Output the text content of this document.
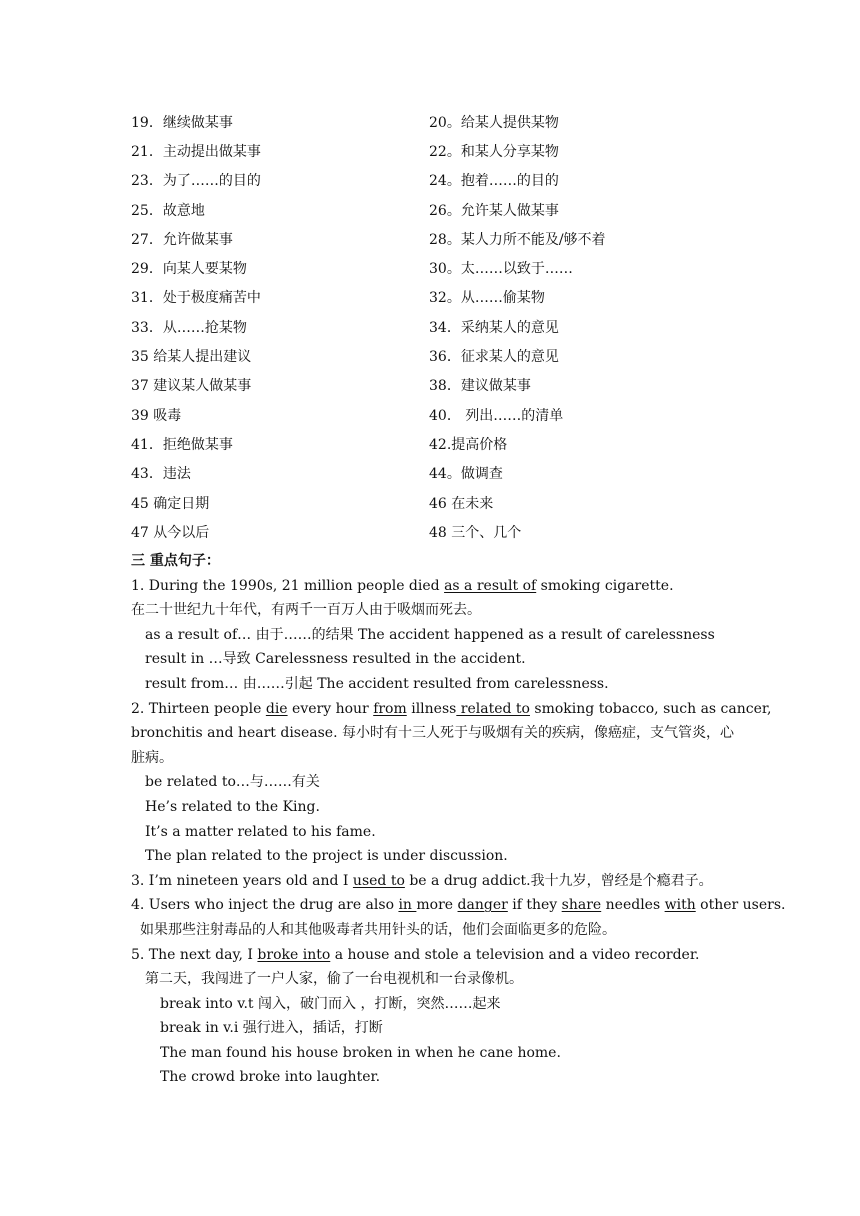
19．继续做某事	20。给某人提供某物
21．主动提出做某事	22。和某人分享某物
23．为了……的目的	24。抱着……的目的
25．故意地	26。允许某人做某事
27．允许做某事	28。某人力所不能及/够不着
29．向某人要某物	30。太……以致于……
31．处于极度痛苦中	32。从……偷某物
33．从……抢某物	34．采纳某人的意见
35 给某人提出建议	36．征求某人的意见
37 建议某人做某事	38．建议做某事
39 吸毒	40． 列出……的清单
41．拒绝做某事	42.提高价格
43．违法	44。做调查
45 确定日期	46 在未来
47 从今以后	48 三个、几个
三 重点句子：
1. During the 1990s, 21 million people died as a result of smoking cigarette.
在二十世纪九十年代，有两千一百万人由于吸烟而死去。
as a result of… 由于……的结果 The accident happened as a result of carelessness
result in …导致 Carelessness resulted in the accident.
result from… 由……引起 The accident resulted from carelessness.
2. Thirteen people die every hour from illness related to smoking tobacco, such as cancer,
bronchitis and heart disease. 每小时有十三人死于与吸烟有关的疾病，像癌症，支气管炎，心
脏病。
be related to…与……有关
He’s related to the King.
It’s a matter related to his fame.
The plan related to the project is under discussion.
3. I’m nineteen years old and I used to be a drug addict.我十九岁，曾经是个瘾君子。
4. Users who inject the drug are also in more danger if they share needles with other users.
如果那些注射毒品的人和其他吸毒者共用针头的话，他们会面临更多的危险。
5. The next day, I broke into a house and stole a television and a video recorder.
第二天，我闯进了一户人家，偷了一台电视机和一台录像机。
break into v.t 闯入，破门而入 ，打断，突然……起来
break in v.i 强行进入，插话，打断
The man found his house broken in when he cane home.
The crowd broke into laughter.
